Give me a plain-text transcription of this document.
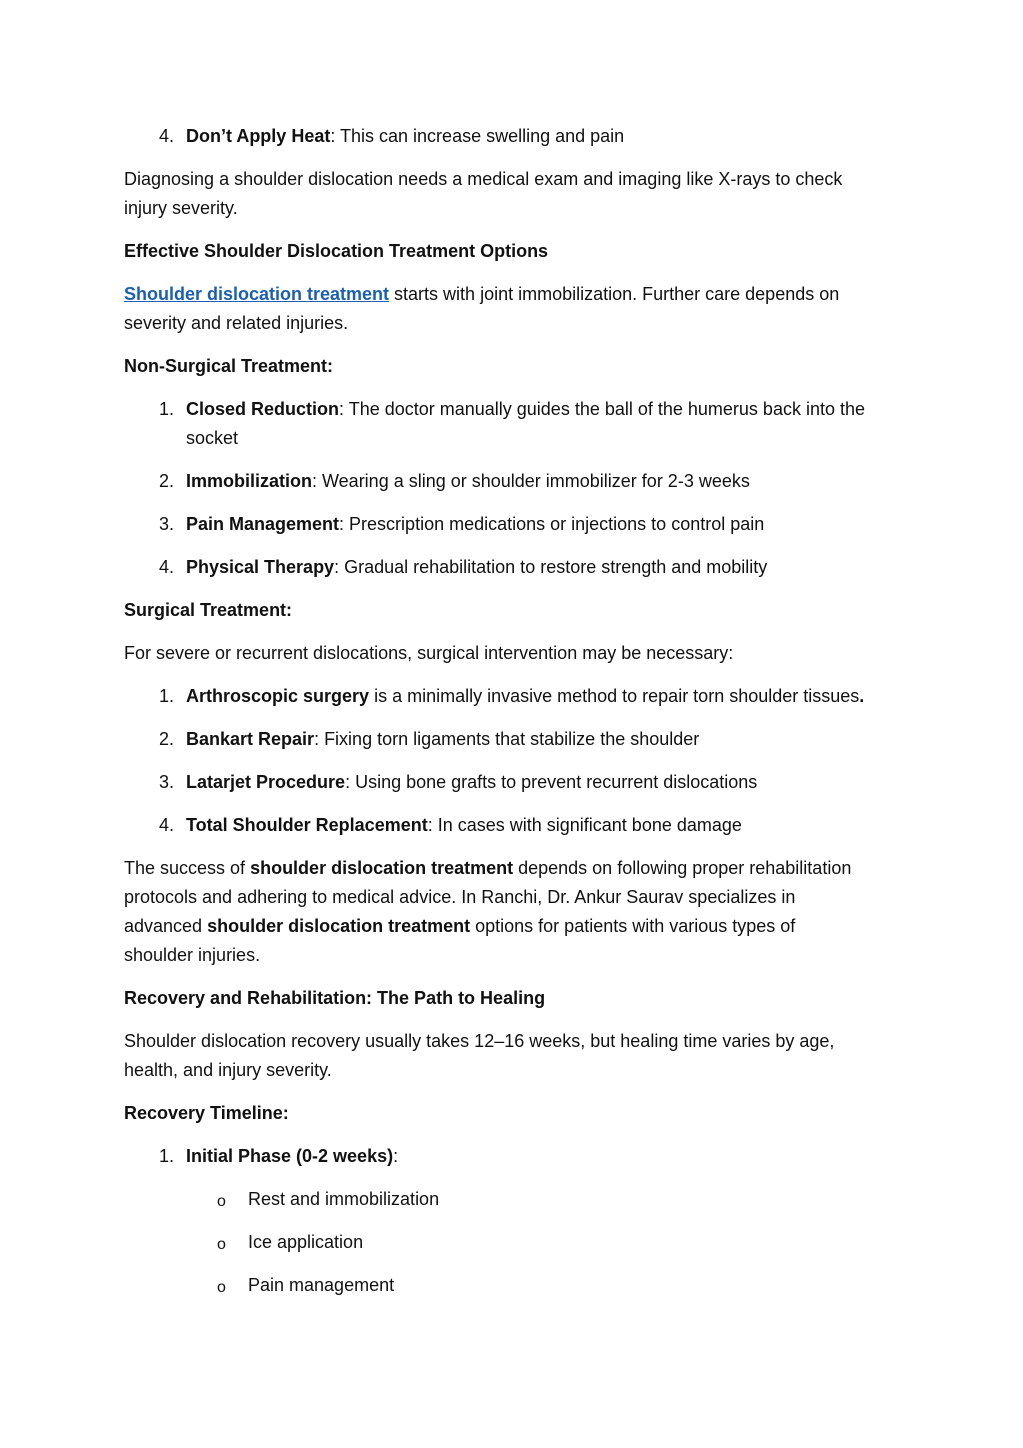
4. Don’t Apply Heat: This can increase swelling and pain
Diagnosing a shoulder dislocation needs a medical exam and imaging like X-rays to check
injury severity.
Effective Shoulder Dislocation Treatment Options
Shoulder dislocation treatment starts with joint immobilization. Further care depends on
severity and related injuries.
Non-Surgical Treatment:
1. Closed Reduction: The doctor manually guides the ball of the humerus back into the
socket
2. Immobilization: Wearing a sling or shoulder immobilizer for 2-3 weeks
3. Pain Management: Prescription medications or injections to control pain
4. Physical Therapy: Gradual rehabilitation to restore strength and mobility
Surgical Treatment:
For severe or recurrent dislocations, surgical intervention may be necessary:
1. Arthroscopic surgery is a minimally invasive method to repair torn shoulder tissues.
2. Bankart Repair: Fixing torn ligaments that stabilize the shoulder
3. Latarjet Procedure: Using bone grafts to prevent recurrent dislocations
4. Total Shoulder Replacement: In cases with significant bone damage
The success of shoulder dislocation treatment depends on following proper rehabilitation
protocols and adhering to medical advice. In Ranchi, Dr. Ankur Saurav specializes in
advanced shoulder dislocation treatment options for patients with various types of
shoulder injuries.
Recovery and Rehabilitation: The Path to Healing
Shoulder dislocation recovery usually takes 12–16 weeks, but healing time varies by age,
health, and injury severity.
Recovery Timeline:
1. Initial Phase (0-2 weeks):
o Rest and immobilization
o Ice application
o Pain management
